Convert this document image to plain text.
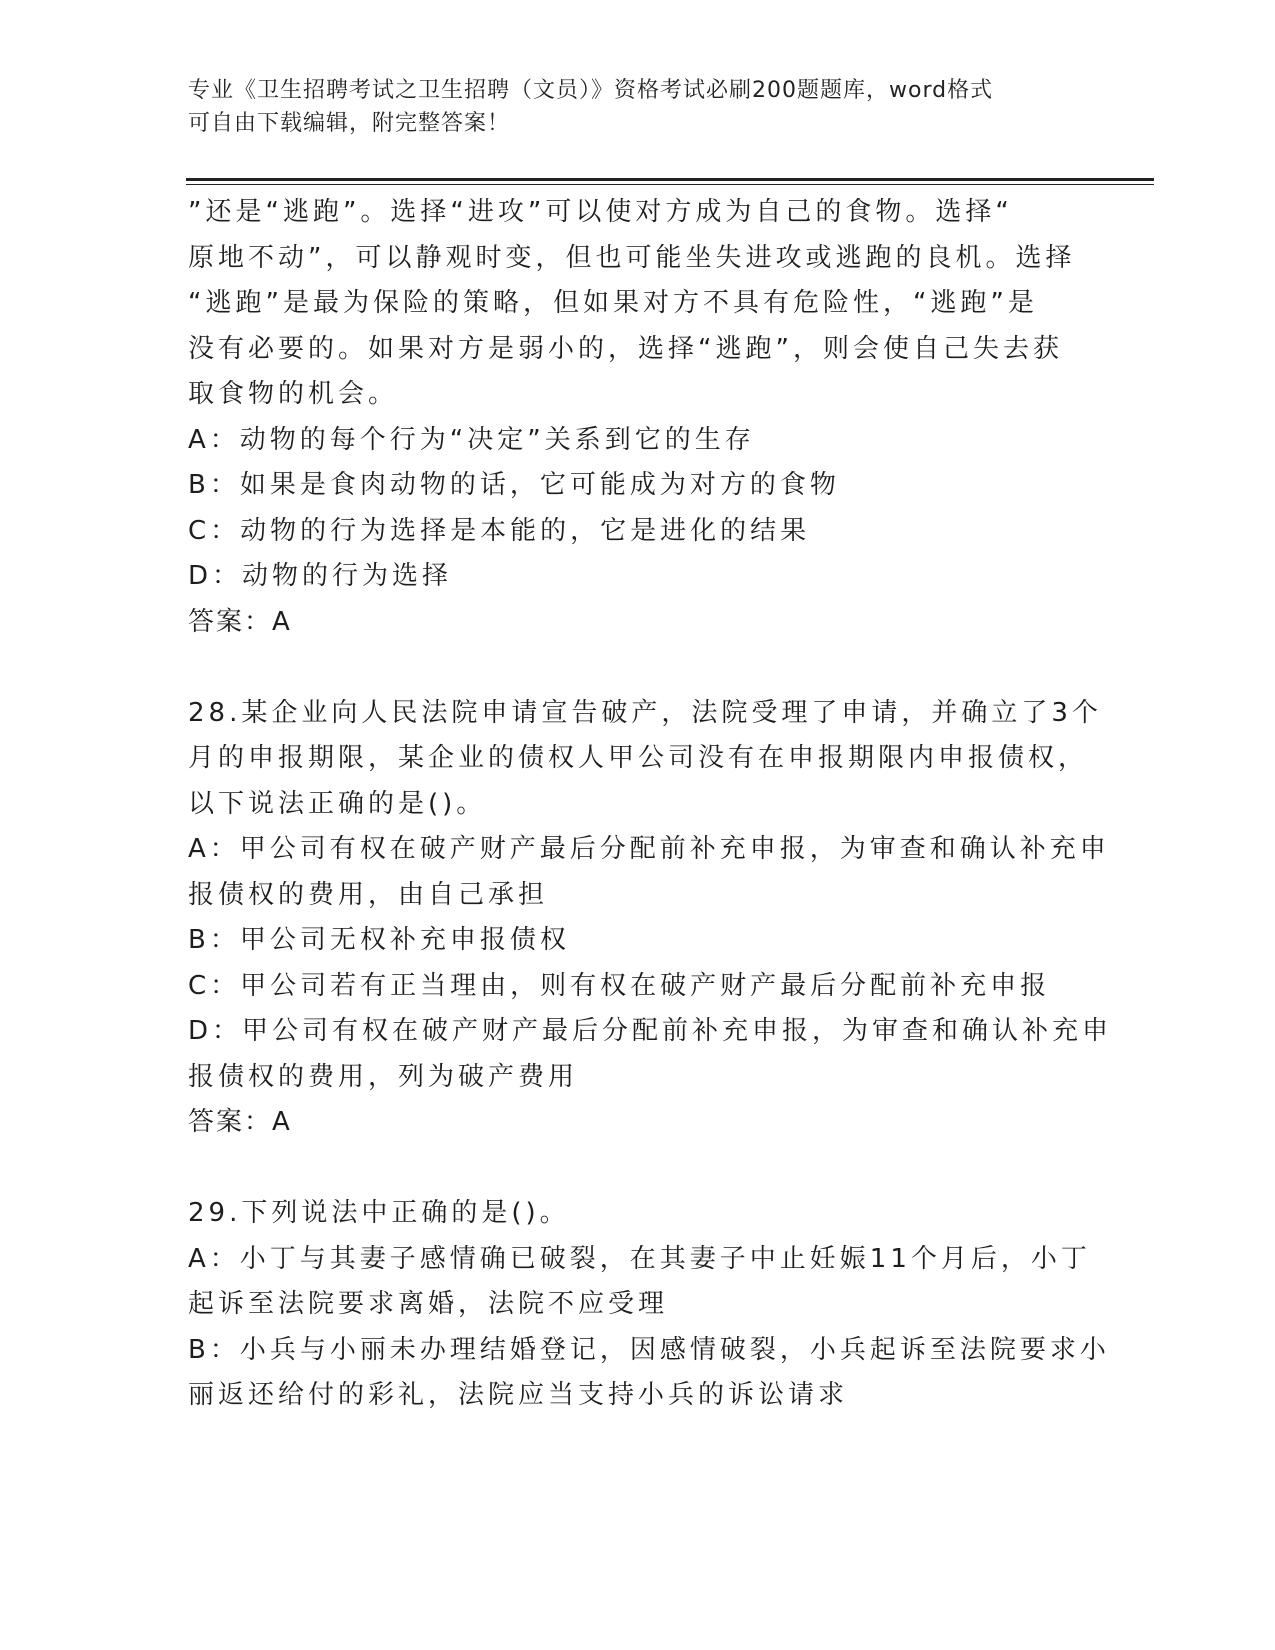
专业《卫生招聘考试之卫生招聘（文员）》资格考试必刷200题题库，word格式
可自由下载编辑，附完整答案！
”还是“逃跑”。选择“进攻”可以使对方成为自己的食物。选择“
原地不动”，可以静观时变，但也可能坐失进攻或逃跑的良机。选择
“逃跑”是最为保险的策略，但如果对方不具有危险性，“逃跑”是
没有必要的。如果对方是弱小的，选择“逃跑”，则会使自己失去获
取食物的机会。
A：动物的每个行为“决定”关系到它的生存
B：如果是食肉动物的话，它可能成为对方的食物
C：动物的行为选择是本能的，它是进化的结果
D：动物的行为选择
答案：A
28.某企业向人民法院申请宣告破产，法院受理了申请，并确立了3个
月的申报期限，某企业的债权人甲公司没有在申报期限内申报债权，
以下说法正确的是()。
A：甲公司有权在破产财产最后分配前补充申报，为审查和确认补充申
报债权的费用，由自己承担
B：甲公司无权补充申报债权
C：甲公司若有正当理由，则有权在破产财产最后分配前补充申报
D：甲公司有权在破产财产最后分配前补充申报，为审查和确认补充申
报债权的费用，列为破产费用
答案：A
29.下列说法中正确的是()。
A：小丁与其妻子感情确已破裂，在其妻子中止妊娠11个月后，小丁
起诉至法院要求离婚，法院不应受理
B：小兵与小丽未办理结婚登记，因感情破裂，小兵起诉至法院要求小
丽返还给付的彩礼，法院应当支持小兵的诉讼请求
